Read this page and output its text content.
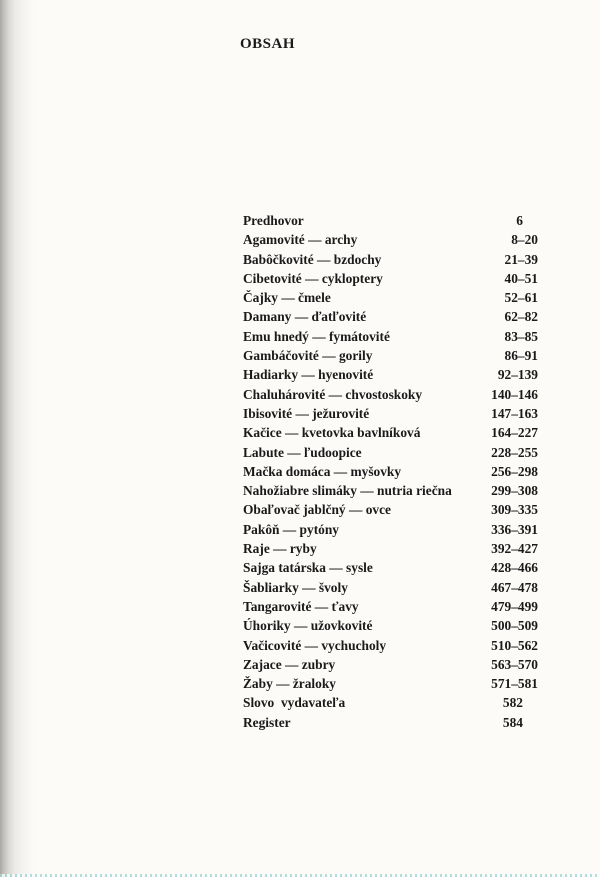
OBSAH
Predhovor	6
Agamovité — archy	8–20
Babôčkovité — bzdochy	21–39
Cibetovité — cykloptery	40–51
Čajky — čmele	52–61
Damany — ďatľovité	62–82
Emu hnedý — fymátovité	83–85
Gambáčovité — gorily	86–91
Hadiarky — hyenovité	92–139
Chaluhárovité — chvostoskoky	140–146
Ibisovité — ježurovité	147–163
Kačice — kvetovka bavlníková	164–227
Labute — ľudoopice	228–255
Mačka domáca — myšovky	256–298
Nahožiabre slimáky — nutria riečna	299–308
Obaľovač jablčný — ovce	309–335
Pakôň — pytóny	336–391
Raje — ryby	392–427
Sajga tatárska — sysle	428–466
Šabliarky — švoly	467–478
Tangarovité — ťavy	479–499
Úhoriky — užovkovité	500–509
Vačicovité — vychucholy	510–562
Zajace — zubry	563–570
Žaby — žraloky	571–581
Slovo  vydavateľa	582
Register	584
